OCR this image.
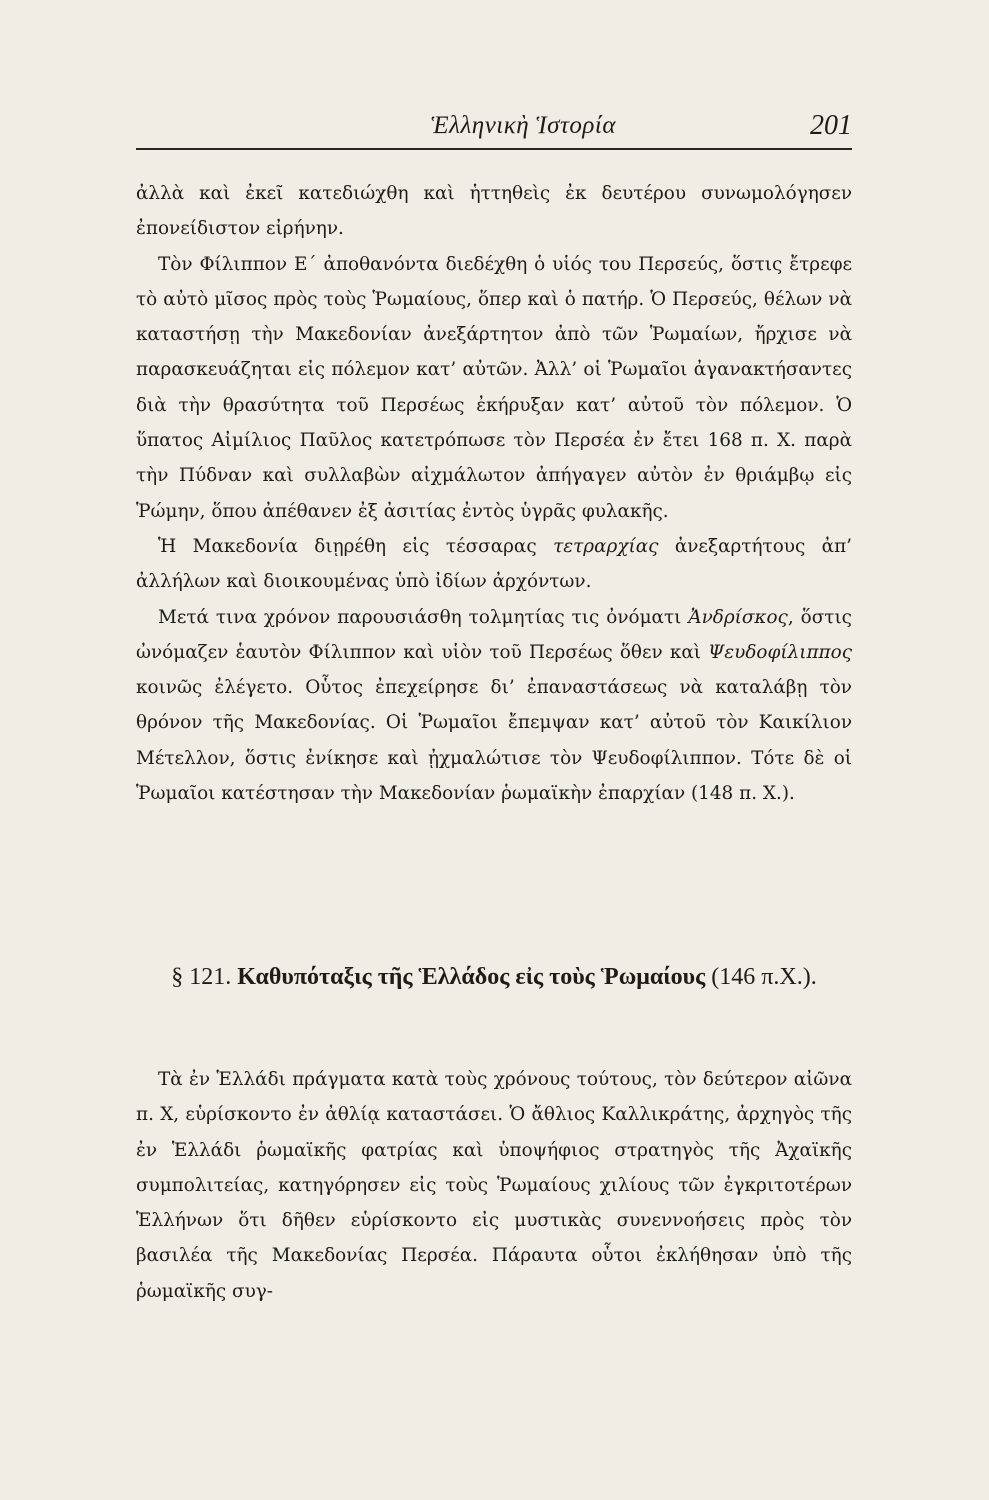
Ἑλληνικὴ Ἱστορία	201

ἀλλὰ καὶ ἐκεῖ κατεδιώχθη καὶ ἡττηθεὶς ἐκ δευτέρου συνωμολόγησεν ἐπονείδιστον εἰρήνην.

Τὸν Φίλιππον Ε΄ ἀποθανόντα διεδέχθη ὁ υἱός του Περσεύς, ὅστις ἔτρεφε τὸ αὐτὸ μῖσος πρὸς τοὺς Ῥωμαίους, ὅπερ καὶ ὁ πατήρ. Ὁ Περσεύς, θέλων νὰ καταστήσῃ τὴν Μακεδονίαν ἀνεξάρτητον ἀπὸ τῶν Ῥωμαίων, ἤρχισε νὰ παρασκευάζηται εἰς πόλεμον κατ’ αὐτῶν. Ἀλλ’ οἱ Ῥωμαῖοι ἀγανακτήσαντες διὰ τὴν θρασύτητα τοῦ Περσέως ἐκήρυξαν κατ’ αὐτοῦ τὸν πόλεμον. Ὁ ὕπατος Αἰμίλιος Παῦλος κατετρόπωσε τὸν Περσέα ἐν ἔτει 168 π. Χ. παρὰ τὴν Πύδναν καὶ συλλαβὼν αἰχμάλωτον ἀπήγαγεν αὐτὸν ἐν θριάμβῳ εἰς Ῥώμην, ὅπου ἀπέθανεν ἐξ ἀσιτίας ἐντὸς ὑγρᾶς φυλακῆς.

Ἡ Μακεδονία διῃρέθη εἰς τέσσαρας τετραρχίας ἀνεξαρτήτους ἀπ’ ἀλλήλων καὶ διοικουμένας ὑπὸ ἰδίων ἀρχόντων.

Μετά τινα χρόνον παρουσιάσθη τολμητίας τις ὀνόματι Ἀνδρίσκος, ὅστις ὠνόμαζεν ἑαυτὸν Φίλιππον καὶ υἱὸν τοῦ Περσέως ὅθεν καὶ Ψευδοφίλιππος κοινῶς ἐλέγετο. Οὗτος ἐπεχείρησε δι’ ἐπαναστάσεως νὰ καταλάβῃ τὸν θρόνον τῆς Μακεδονίας. Οἱ Ῥωμαῖοι ἔπεμψαν κατ’ αὐτοῦ τὸν Καικίλιον Μέτελλον, ὅστις ἐνίκησε καὶ ᾐχμαλώτισε τὸν Ψευδοφίλιππον. Τότε δὲ οἱ Ῥωμαῖοι κατέστησαν τὴν Μακεδονίαν ῥωμαϊκὴν ἐπαρχίαν (148 π. Χ.).

§ 121. Καθυπόταξις τῆς Ἑλλάδος εἰς τοὺς Ῥωμαίους (146 π.Χ.).

Τὰ ἐν Ἑλλάδι πράγματα κατὰ τοὺς χρόνους τούτους, τὸν δεύτερον αἰῶνα π. Χ, εὑρίσκοντο ἐν ἀθλίᾳ καταστάσει. Ὁ ἄθλιος Καλλικράτης, ἀρχηγὸς τῆς ἐν Ἑλλάδι ῥωμαϊκῆς φατρίας καὶ ὑποψήφιος στρατηγὸς τῆς Ἀχαϊκῆς συμπολιτείας, κατηγόρησεν εἰς τοὺς Ῥωμαίους χιλίους τῶν ἐγκριτοτέρων Ἑλλήνων ὅτι δῆθεν εὑρίσκοντο εἰς μυστικὰς συνεννοήσεις πρὸς τὸν βασιλέα τῆς Μακεδονίας Περσέα. Πάραυτα οὗτοι ἐκλήθησαν ὑπὸ τῆς ῥωμαϊκῆς συγ-
